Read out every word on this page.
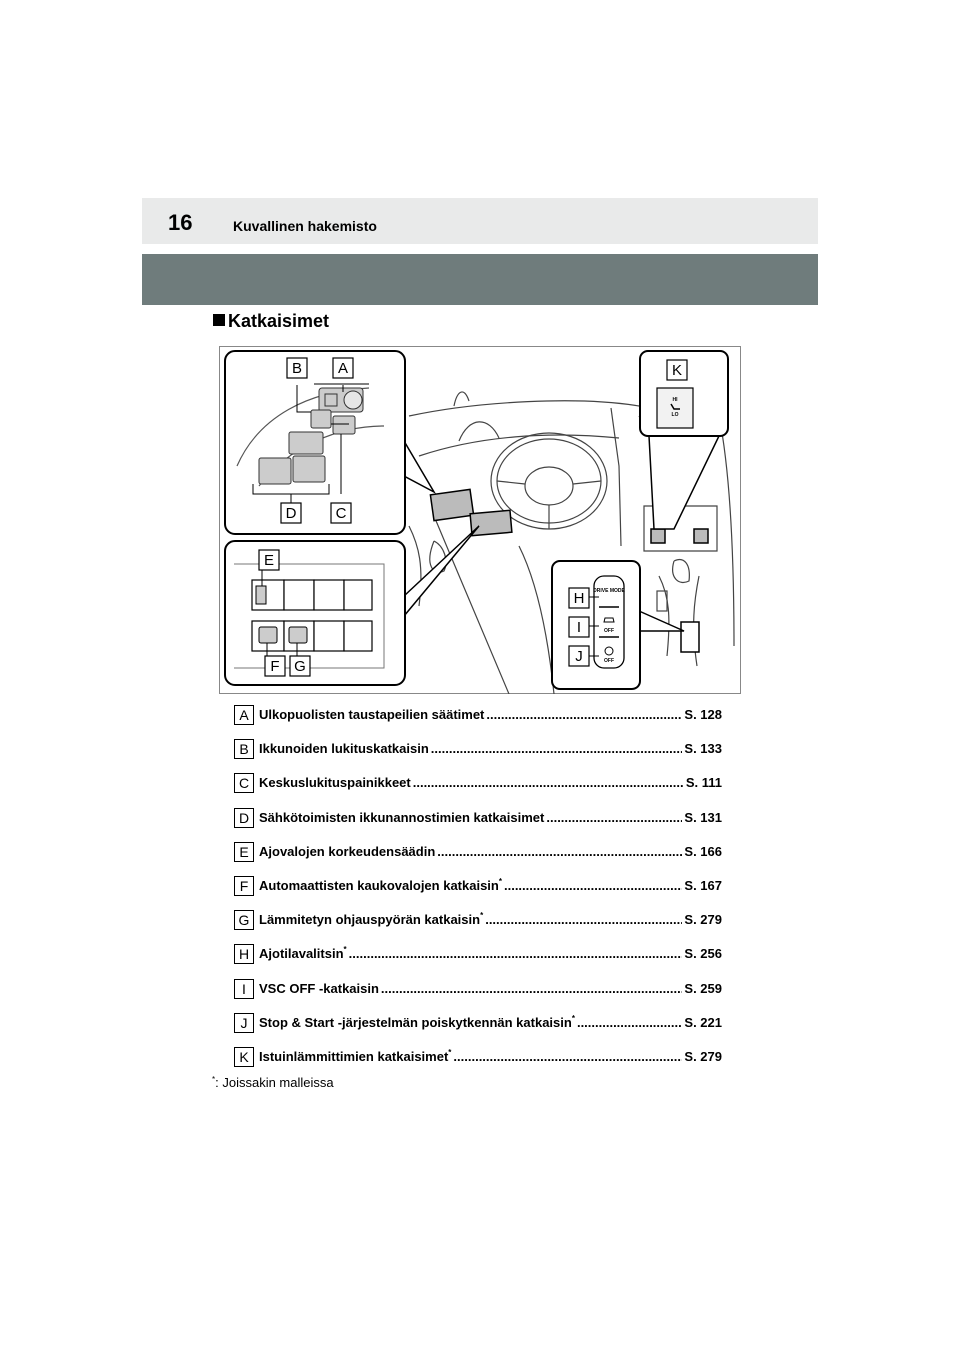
16	Kuvallinen hakemisto
Katkaisimet
B A
D	C
E
F G
HI
LO
K
DRIVE MODE
OFF
OFF
H
I
J
A Ulkopuolisten taustapeilien säätimet .....	S. 128
B Ikkunoiden lukituskatkaisin .....	S. 133
C Keskuslukituspainikkeet .....	S. 111
D Sähkötoimisten ikkunannostimien katkaisimet .....	S. 131
E Ajovalojen korkeudensäädin .....	S. 166
F Automaattisten kaukovalojen katkaisin* .....	S. 167
G Lämmitetyn ohjauspyörän katkaisin* .....	S. 279
H Ajotilavalitsin* .....	S. 256
I	VSC OFF -katkaisin .....	S. 259
J Stop & Start -järjestelmän poiskytkennän katkaisin* .....	S. 221
K Istuinlämmittimien katkaisimet* .....	S. 279
*: Joissakin malleissa
